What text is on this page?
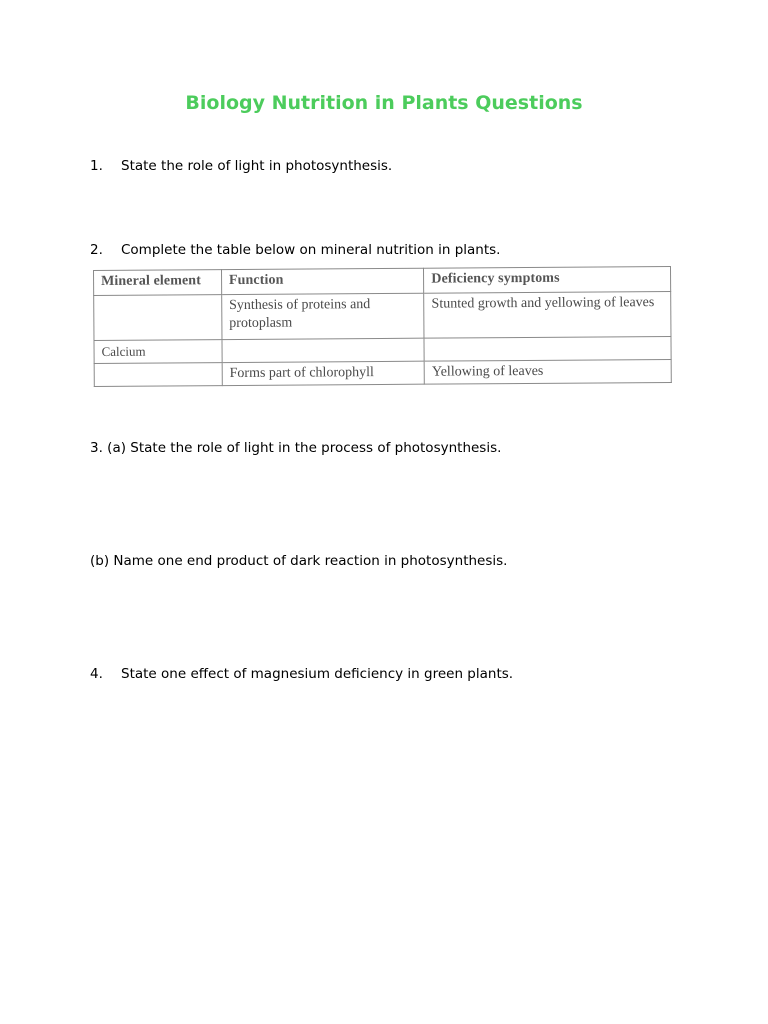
Biology Nutrition in Plants Questions
1. State the role of light in photosynthesis.
2. Complete the table below on mineral nutrition in plants.
Mineral element	Function	Deficiency symptoms
	Synthesis of proteins and protoplasm	Stunted growth and yellowing of leaves
Calcium		
	Forms part of chlorophyll	Yellowing of leaves
3. (a) State the role of light in the process of photosynthesis.
(b) Name one end product of dark reaction in photosynthesis.
4. State one effect of magnesium deficiency in green plants.
